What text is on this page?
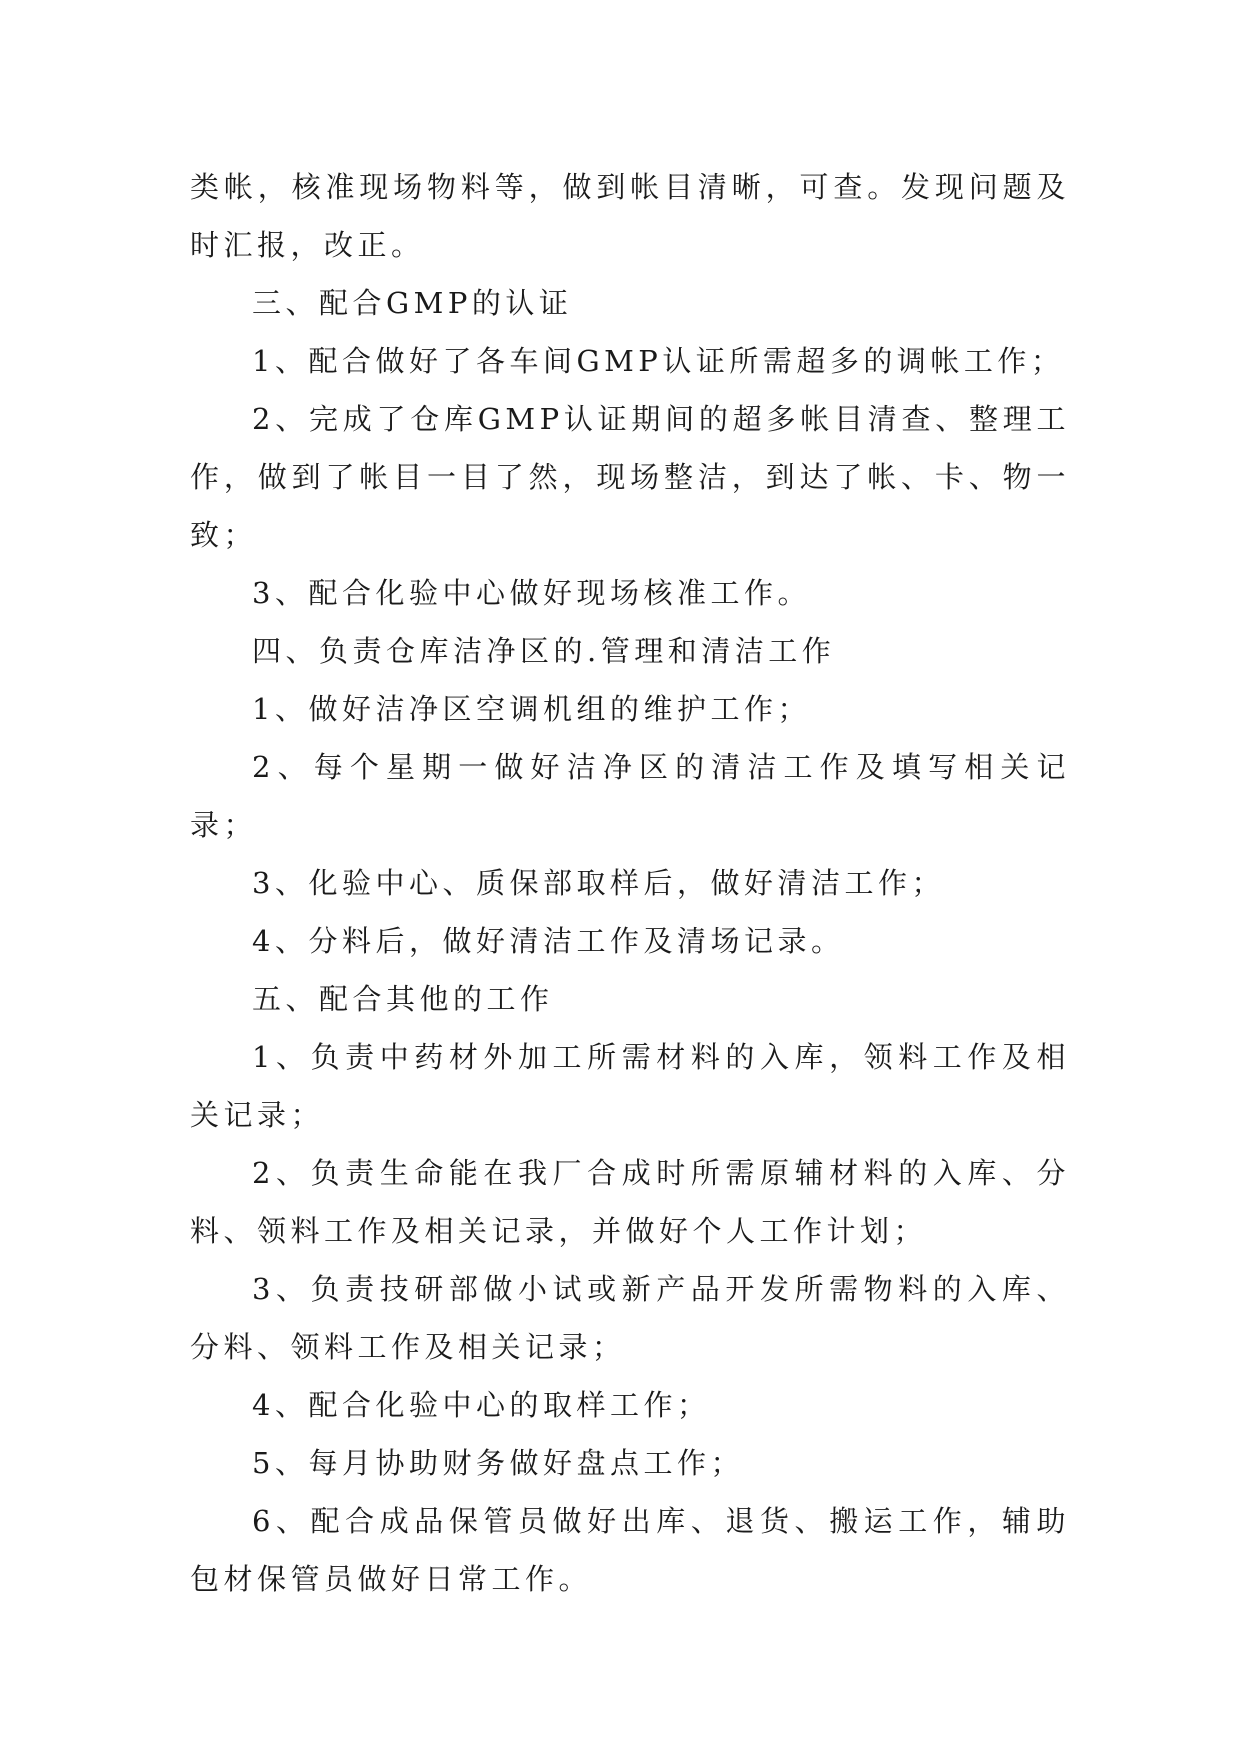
类帐，核准现场物料等，做到帐目清晰，可查。发现问题及时汇报，改正。

三、配合GMP的认证

1、配合做好了各车间GMP认证所需超多的调帐工作；

2、完成了仓库GMP认证期间的超多帐目清查、整理工作，做到了帐目一目了然，现场整洁，到达了帐、卡、物一致；

3、配合化验中心做好现场核准工作。

四、负责仓库洁净区的.管理和清洁工作

1、做好洁净区空调机组的维护工作；

2、每个星期一做好洁净区的清洁工作及填写相关记录；

3、化验中心、质保部取样后，做好清洁工作；

4、分料后，做好清洁工作及清场记录。

五、配合其他的工作

1、负责中药材外加工所需材料的入库，领料工作及相关记录；

2、负责生命能在我厂合成时所需原辅材料的入库、分料、领料工作及相关记录，并做好个人工作计划；

3、负责技研部做小试或新产品开发所需物料的入库、分料、领料工作及相关记录；

4、配合化验中心的取样工作；

5、每月协助财务做好盘点工作；

6、配合成品保管员做好出库、退货、搬运工作，辅助包材保管员做好日常工作。
